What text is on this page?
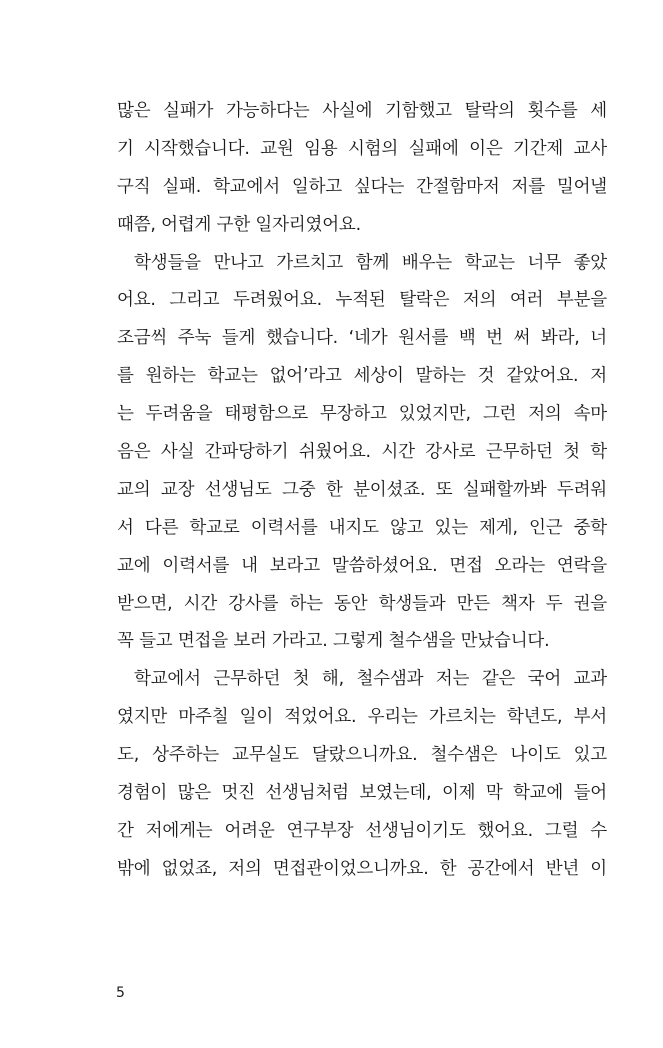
많은 실패가 가능하다는 사실에 기함했고 탈락의 횟수를 세
기 시작했습니다. 교원 임용 시험의 실패에 이은 기간제 교사
구직 실패. 학교에서 일하고 싶다는 간절함마저 저를 밀어낼
때쯤, 어렵게 구한 일자리였어요.
학생들을 만나고 가르치고 함께 배우는 학교는 너무 좋았
어요. 그리고 두려웠어요. 누적된 탈락은 저의 여러 부분을
조금씩 주눅 들게 했습니다. ‘네가 원서를 백 번 써 봐라, 너
를 원하는 학교는 없어’라고 세상이 말하는 것 같았어요. 저
는 두려움을 태평함으로 무장하고 있었지만, 그런 저의 속마
음은 사실 간파당하기 쉬웠어요. 시간 강사로 근무하던 첫 학
교의 교장 선생님도 그중 한 분이셨죠. 또 실패할까봐 두려워
서 다른 학교로 이력서를 내지도 않고 있는 제게, 인근 중학
교에 이력서를 내 보라고 말씀하셨어요. 면접 오라는 연락을
받으면, 시간 강사를 하는 동안 학생들과 만든 책자 두 권을
꼭 들고 면접을 보러 가라고. 그렇게 철수샘을 만났습니다.
학교에서 근무하던 첫 해, 철수샘과 저는 같은 국어 교과
였지만 마주칠 일이 적었어요. 우리는 가르치는 학년도, 부서
도, 상주하는 교무실도 달랐으니까요. 철수샘은 나이도 있고
경험이 많은 멋진 선생님처럼 보였는데, 이제 막 학교에 들어
간 저에게는 어려운 연구부장 선생님이기도 했어요. 그럴 수
밖에 없었죠, 저의 면접관이었으니까요. 한 공간에서 반년 이
5
